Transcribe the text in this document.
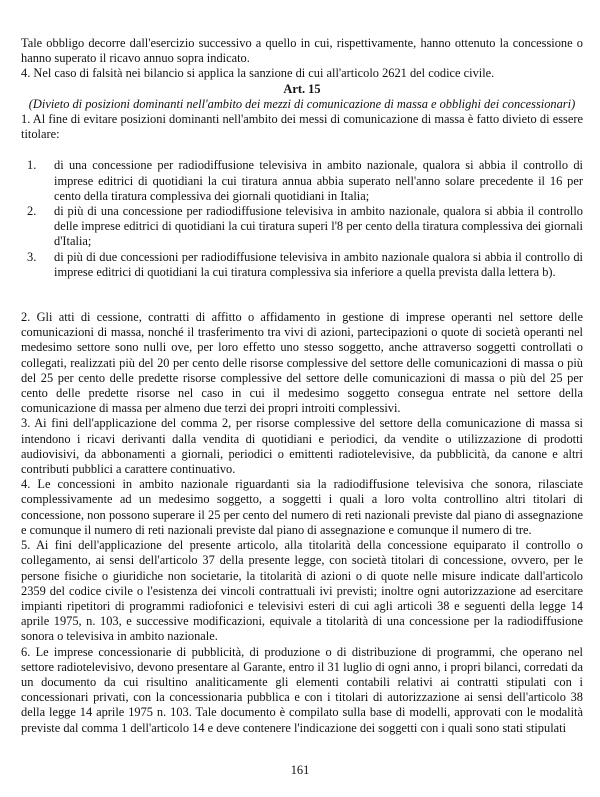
Tale obbligo decorre dall'esercizio successivo a quello in cui, rispettivamente, hanno ottenuto la concessione o hanno superato il ricavo annuo sopra indicato.

4. Nel caso di falsità nei bilancio si applica la sanzione di cui all'articolo 2621 del codice civile.

Art. 15

(Divieto di posizioni dominanti nell'ambito dei mezzi di comunicazione di massa e obblighi dei concessionari)

1. Al fine di evitare posizioni dominanti nell'ambito dei messi di comunicazione di massa è fatto divieto di essere titolare:

1. di una concessione per radiodiffusione televisiva in ambito nazionale, qualora si abbia il controllo di imprese editrici di quotidiani la cui tiratura annua abbia superato nell'anno solare precedente il 16 per cento della tiratura complessiva dei giornali quotidiani in Italia;
2. di più di una concessione per radiodiffusione televisiva in ambito nazionale, qualora si abbia il controllo delle imprese editrici di quotidiani la cui tiratura superi l'8 per cento della tiratura complessiva dei giornali d'Italia;
3. di più di due concessioni per radiodiffusione televisiva in ambito nazionale qualora si abbia il controllo di imprese editrici di quotidiani la cui tiratura complessiva sia inferiore a quella prevista dalla lettera b).

2. Gli atti di cessione, contratti di affitto o affidamento in gestione di imprese operanti nel settore delle comunicazioni di massa, nonché il trasferimento tra vivi di azioni, partecipazioni o quote di società operanti nel medesimo settore sono nulli ove, per loro effetto uno stesso soggetto, anche attraverso soggetti controllati o collegati, realizzati più del 20 per cento delle risorse complessive del settore delle comunicazioni di massa o più del 25 per cento delle predette risorse complessive del settore delle comunicazioni di massa o più del 25 per cento delle predette risorse nel caso in cui il medesimo soggetto consegua entrate nel settore della comunicazione di massa per almeno due terzi dei propri introiti complessivi.

3. Ai fini dell'applicazione del comma 2, per risorse complessive del settore della comunicazione di massa si intendono i ricavi derivanti dalla vendita di quotidiani e periodici, da vendite o utilizzazione di prodotti audiovisivi, da abbonamenti a giornali, periodici o emittenti radiotelevisive, da pubblicità, da canone e altri contributi pubblici a carattere continuativo.

4. Le concessioni in ambito nazionale riguardanti sia la radiodiffusione televisiva che sonora, rilasciate complessivamente ad un medesimo soggetto, a soggetti i quali a loro volta controllino altri titolari di concessione, non possono superare il 25 per cento del numero di reti nazionali previste dal piano di assegnazione e comunque il numero di reti nazionali previste dal piano di assegnazione e comunque il numero di tre.

5. Ai fini dell'applicazione del presente articolo, alla titolarità della concessione equiparato il controllo o collegamento, ai sensi dell'articolo 37 della presente legge, con società titolari di concessione, ovvero, per le persone fisiche o giuridiche non societarie, la titolarità di azioni o di quote nelle misure indicate dall'articolo 2359 del codice civile o l'esistenza dei vincoli contrattuali ivi previsti; inoltre ogni autorizzazione ad esercitare impianti ripetitori di programmi radiofonici e televisivi esteri di cui agli articoli 38 e seguenti della legge 14 aprile 1975, n. 103, e successive modificazioni, equivale a titolarità di una concessione per la radiodiffusione sonora o televisiva in ambito nazionale.

6. Le imprese concessionarie di pubblicità, di produzione o di distribuzione di programmi, che operano nel settore radiotelevisivo, devono presentare al Garante, entro il 31 luglio di ogni anno, i propri bilanci, corredati da un documento da cui risultino analiticamente gli elementi contabili relativi ai contratti stipulati con i concessionari privati, con la concessionaria pubblica e con i titolari di autorizzazione ai sensi dell'articolo 38 della legge 14 aprile 1975 n. 103. Tale documento è compilato sulla base di modelli, approvati con le modalità previste dal comma 1 dell'articolo 14 e deve contenere l'indicazione dei soggetti con i quali sono stati stipulati

161
